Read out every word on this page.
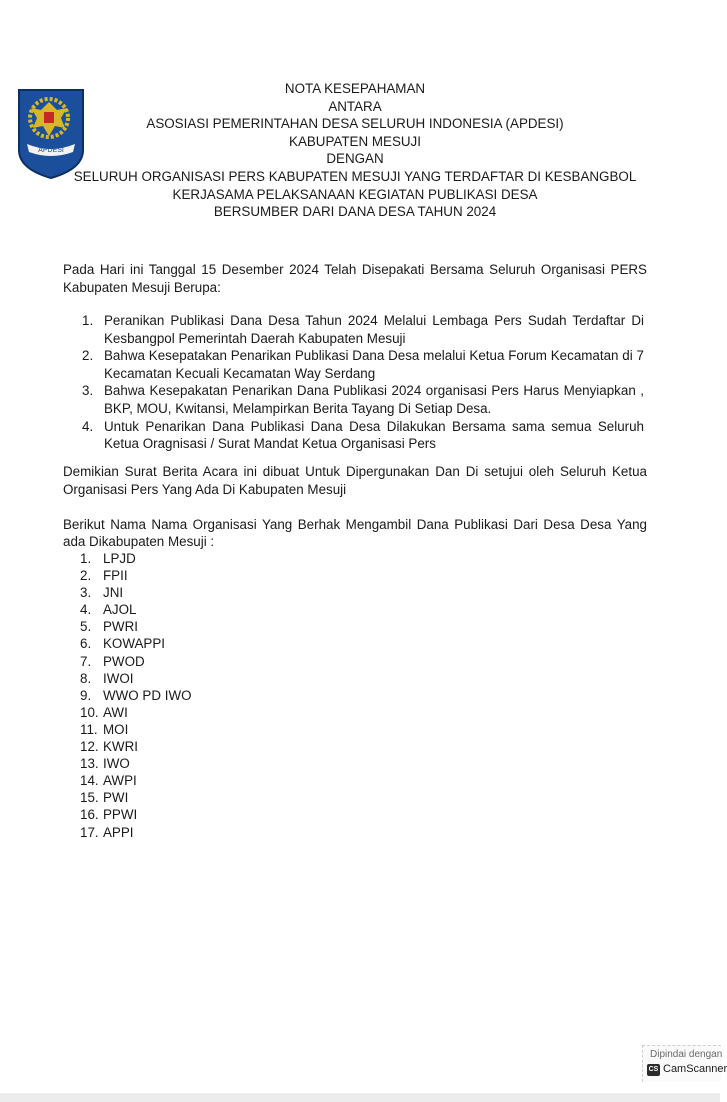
APDESI
NOTA KESEPAHAMAN
ANTARA
ASOSIASI PEMERINTAHAN DESA SELURUH INDONESIA (APDESI)
KABUPATEN MESUJI
DENGAN
SELURUH ORGANISASI PERS KABUPATEN MESUJI YANG TERDAFTAR DI KESBANGBOL
KERJASAMA PELAKSANAAN KEGIATAN PUBLIKASI DESA
BERSUMBER DARI DANA DESA TAHUN 2024
Pada Hari ini Tanggal 15 Desember 2024 Telah Disepakati Bersama Seluruh Organisasi PERS Kabupaten Mesuji Berupa:
1. Peranikan Publikasi Dana Desa Tahun 2024 Melalui Lembaga Pers Sudah Terdaftar Di Kesbangpol Pemerintah Daerah Kabupaten Mesuji
2. Bahwa Kesepatakan Penarikan Publikasi Dana Desa melalui Ketua Forum Kecamatan di 7 Kecamatan Kecuali Kecamatan Way Serdang
3. Bahwa Kesepakatan Penarikan Dana Publikasi 2024 organisasi Pers Harus Menyiapkan , BKP, MOU, Kwitansi, Melampirkan Berita Tayang Di Setiap Desa.
4. Untuk Penarikan Dana Publikasi Dana Desa Dilakukan Bersama sama semua Seluruh Ketua Oragnisasi / Surat Mandat Ketua Organisasi Pers
Demikian Surat Berita Acara ini dibuat Untuk Dipergunakan Dan Di setujui oleh Seluruh Ketua Organisasi Pers Yang Ada Di Kabupaten Mesuji
Berikut Nama Nama Organisasi Yang Berhak Mengambil Dana Publikasi Dari Desa Desa Yang ada Dikabupaten Mesuji :
1. LPJD
2. FPII
3. JNI
4. AJOL
5. PWRI
6. KOWAPPI
7. PWOD
8. IWOI
9. WWO PD IWO
10. AWI
11. MOI
12. KWRI
13. IWO
14. AWPI
15. PWI
16. PPWI
17. APPI
Dipindai dengan
CS CamScanner
